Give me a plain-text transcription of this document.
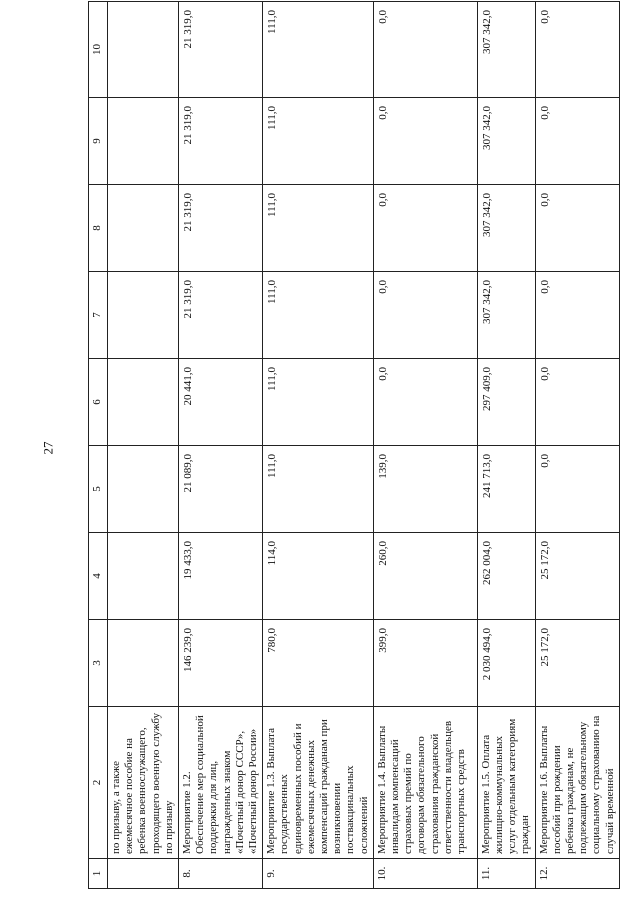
27
1	2	3	4	5	6	7	8	9	10
	по призыву, а также ежемесячное пособие на ребенка военнослужащего, проходящего военную службу по призыву								
8.	Мероприятие 1.2. Обеспечение мер социальной поддержки для лиц, награжденных знаком «Почетный донор СССР», «Почетный донор России»	146 239,0	19 433,0	21 089,0	20 441,0	21 319,0	21 319,0	21 319,0	21 319,0
9.	Мероприятие 1.3. Выплата государственных единовременных пособий и ежемесячных денежных компенсаций гражданам при возникновении поствакцинальных осложнений	780,0	114,0	111,0	111,0	111,0	111,0	111,0	111,0
10.	Мероприятие 1.4. Выплаты инвалидам компенсаций страховых премий по договорам обязательного страхования гражданской ответственности владельцев транспортных средств	399,0	260,0	139,0	0,0	0,0	0,0	0,0	0,0
11.	Мероприятие 1.5. Оплата жилищно-коммунальных услуг отдельным категориям граждан	2 030 494,0	262 004,0	241 713,0	297 409,0	307 342,0	307 342,0	307 342,0	307 342,0
12.	Мероприятие 1.6. Выплаты пособий при рождении ребенка гражданам, не подлежащим обязательному социальному страхованию на случай временной	25 172,0	25 172,0	0,0	0,0	0,0	0,0	0,0	0,0
